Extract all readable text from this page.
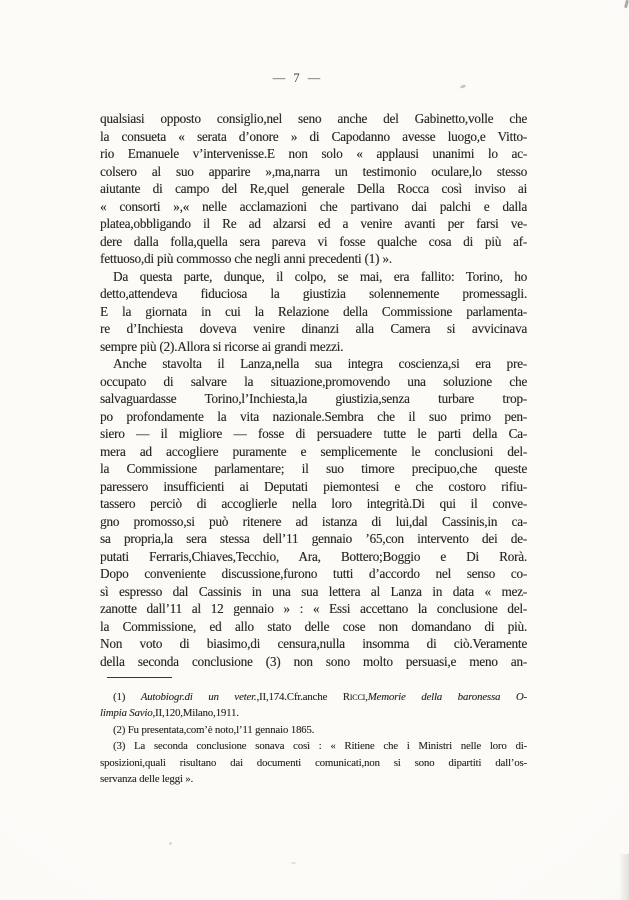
— 7 —
qualsiasi opposto consiglio,nel seno anche del Gabinetto,volle che
la consueta « serata d’onore » di Capodanno avesse luogo,e Vitto-
rio Emanuele v’intervenisse.E non solo « applausi unanimi lo ac-
colsero al suo apparire »,ma,narra un testimonio oculare,lo stesso
aiutante di campo del Re,quel generale Della Rocca così inviso ai
« consorti »,« nelle acclamazioni che partivano dai palchi e dalla
platea,obbligando il Re ad alzarsi ed a venire avanti per farsi ve-
dere dalla folla,quella sera pareva vi fosse qualche cosa di più af-
fettuoso,di più commosso che negli anni precedenti (1) ».
Da questa parte, dunque, il colpo, se mai, era fallito: Torino, ho
detto,attendeva fiduciosa la giustizia solennemente promessagli.
E la giornata in cui la Relazione della Commissione parlamenta-
re d’Inchiesta doveva venire dinanzi alla Camera si avvicinava
sempre più (2).Allora si ricorse ai grandi mezzi.
Anche stavolta il Lanza,nella sua integra coscienza,si era pre-
occupato di salvare la situazione,promovendo una soluzione che
salvaguardasse Torino,l’Inchiesta,la giustizia,senza turbare trop-
po profondamente la vita nazionale.Sembra che il suo primo pen-
siero — il migliore — fosse di persuadere tutte le parti della Ca-
mera ad accogliere puramente e semplicemente le conclusioni del-
la Commissione parlamentare; il suo timore precipuo,che queste
paressero insufficienti ai Deputati piemontesi e che costoro rifiu-
tassero perciò di accoglierle nella loro integrità.Di qui il conve-
gno promosso,si può ritenere ad istanza di lui,dal Cassinis,in ca-
sa propria,la sera stessa dell’11 gennaio ’65,con intervento dei de-
putati Ferraris,Chiaves,Tecchio, Ara, Bottero;Boggio e Di Rorà.
Dopo conveniente discussione,furono tutti d’accordo nel senso co-
sì espresso dal Cassinis in una sua lettera al Lanza in data « mez-
zanotte dall’11 al 12 gennaio » : « Essi accettano la conclusione del-
la Commissione, ed allo stato delle cose non domandano di più.
Non voto di biasimo,di censura,nulla insomma di ciò.Veramente
della seconda conclusione (3) non sono molto persuasi,e meno an-
(1) Autobiogr.di un veter.,II,174.Cfr.anche Ricci,Memorie della baronessa O-
limpia Savio,II,120,Milano,1911.
(2) Fu presentata,com’è noto,l’11 gennaio 1865.
(3) La seconda conclusione sonava così : « Ritiene che i Ministri nelle loro di-
sposizioni,quali risultano dai documenti comunicati,non si sono dipartiti dall’os-
servanza delle leggi ».
